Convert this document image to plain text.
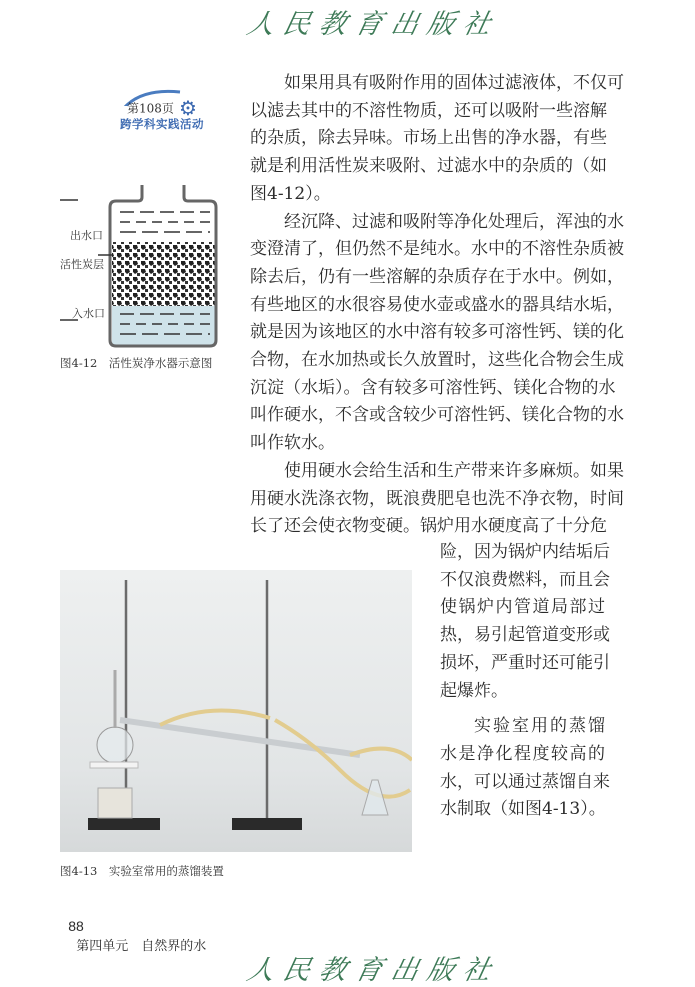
人民教育出版社
第108页 ⚙
跨学科实践活动
出水口
活性炭层
入水口
图4-12　活性炭净水器示意图
如果用具有吸附作用的固体过滤液体，不仅可
以滤去其中的不溶性物质，还可以吸附一些溶解
的杂质，除去异味。市场上出售的净水器，有些
就是利用活性炭来吸附、过滤水中的杂质的（如
图4-12）。
经沉降、过滤和吸附等净化处理后，浑浊的水
变澄清了，但仍然不是纯水。水中的不溶性杂质被
除去后，仍有一些溶解的杂质存在于水中。例如，
有些地区的水很容易使水壶或盛水的器具结水垢，
就是因为该地区的水中溶有较多可溶性钙、镁的化
合物，在水加热或长久放置时，这些化合物会生成
沉淀（水垢）。含有较多可溶性钙、镁化合物的水
叫作硬水，不含或含较少可溶性钙、镁化合物的水
叫作软水。
使用硬水会给生活和生产带来许多麻烦。如果
用硬水洗涤衣物，既浪费肥皂也洗不净衣物，时间
长了还会使衣物变硬。锅炉用水硬度高了十分危
险，因为锅炉内结垢后
不仅浪费燃料，而且会
使锅炉内管道局部过
热，易引起管道变形或
损坏，严重时还可能引
起爆炸。
实验室用的蒸馏
水是净化程度较高的
水，可以通过蒸馏自来
水制取（如图4-13）。
图4-13　实验室常用的蒸馏装置

88
第四单元　自然界的水

人民教育出版社
